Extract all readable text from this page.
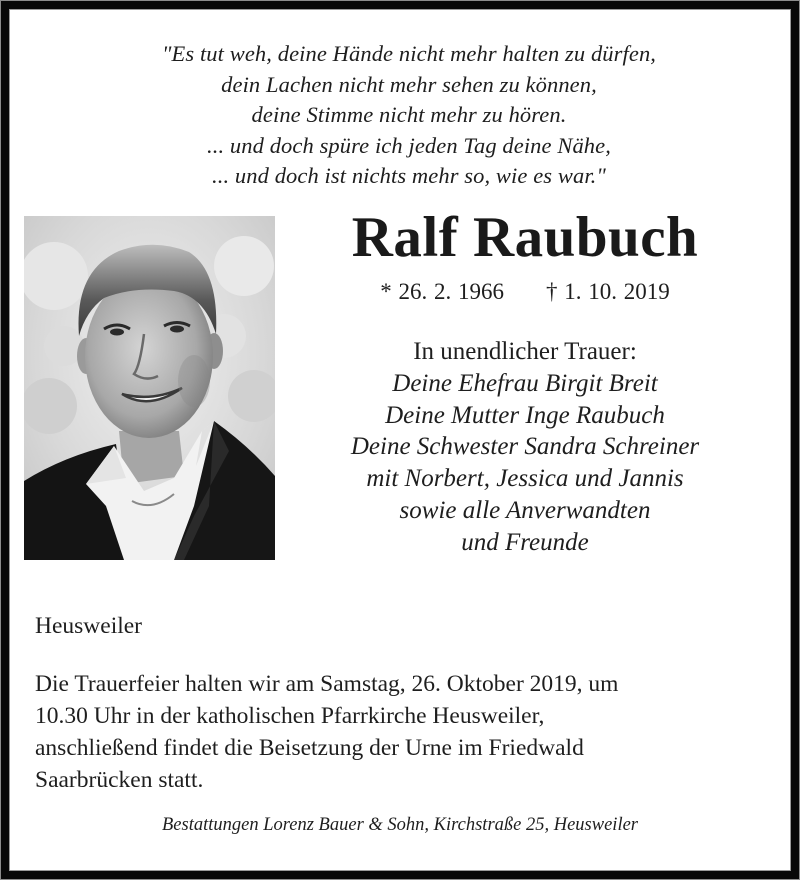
"Es tut weh, deine Hände nicht mehr halten zu dürfen,
dein Lachen nicht mehr sehen zu können,
deine Stimme nicht mehr zu hören.
... und doch spüre ich jeden Tag deine Nähe,
... und doch ist nichts mehr so, wie es war."
Ralf Raubuch
* 26. 2. 1966 † 1. 10. 2019
In unendlicher Trauer:
Deine Ehefrau Birgit Breit
Deine Mutter Inge Raubuch
Deine Schwester Sandra Schreiner
mit Norbert, Jessica und Jannis
sowie alle Anverwandten
und Freunde
Heusweiler
Die Trauerfeier halten wir am Samstag, 26. Oktober 2019, um
10.30 Uhr in der katholischen Pfarrkirche Heusweiler,
anschließend findet die Beisetzung der Urne im Friedwald
Saarbrücken statt.
Bestattungen Lorenz Bauer & Sohn, Kirchstraße 25, Heusweiler
